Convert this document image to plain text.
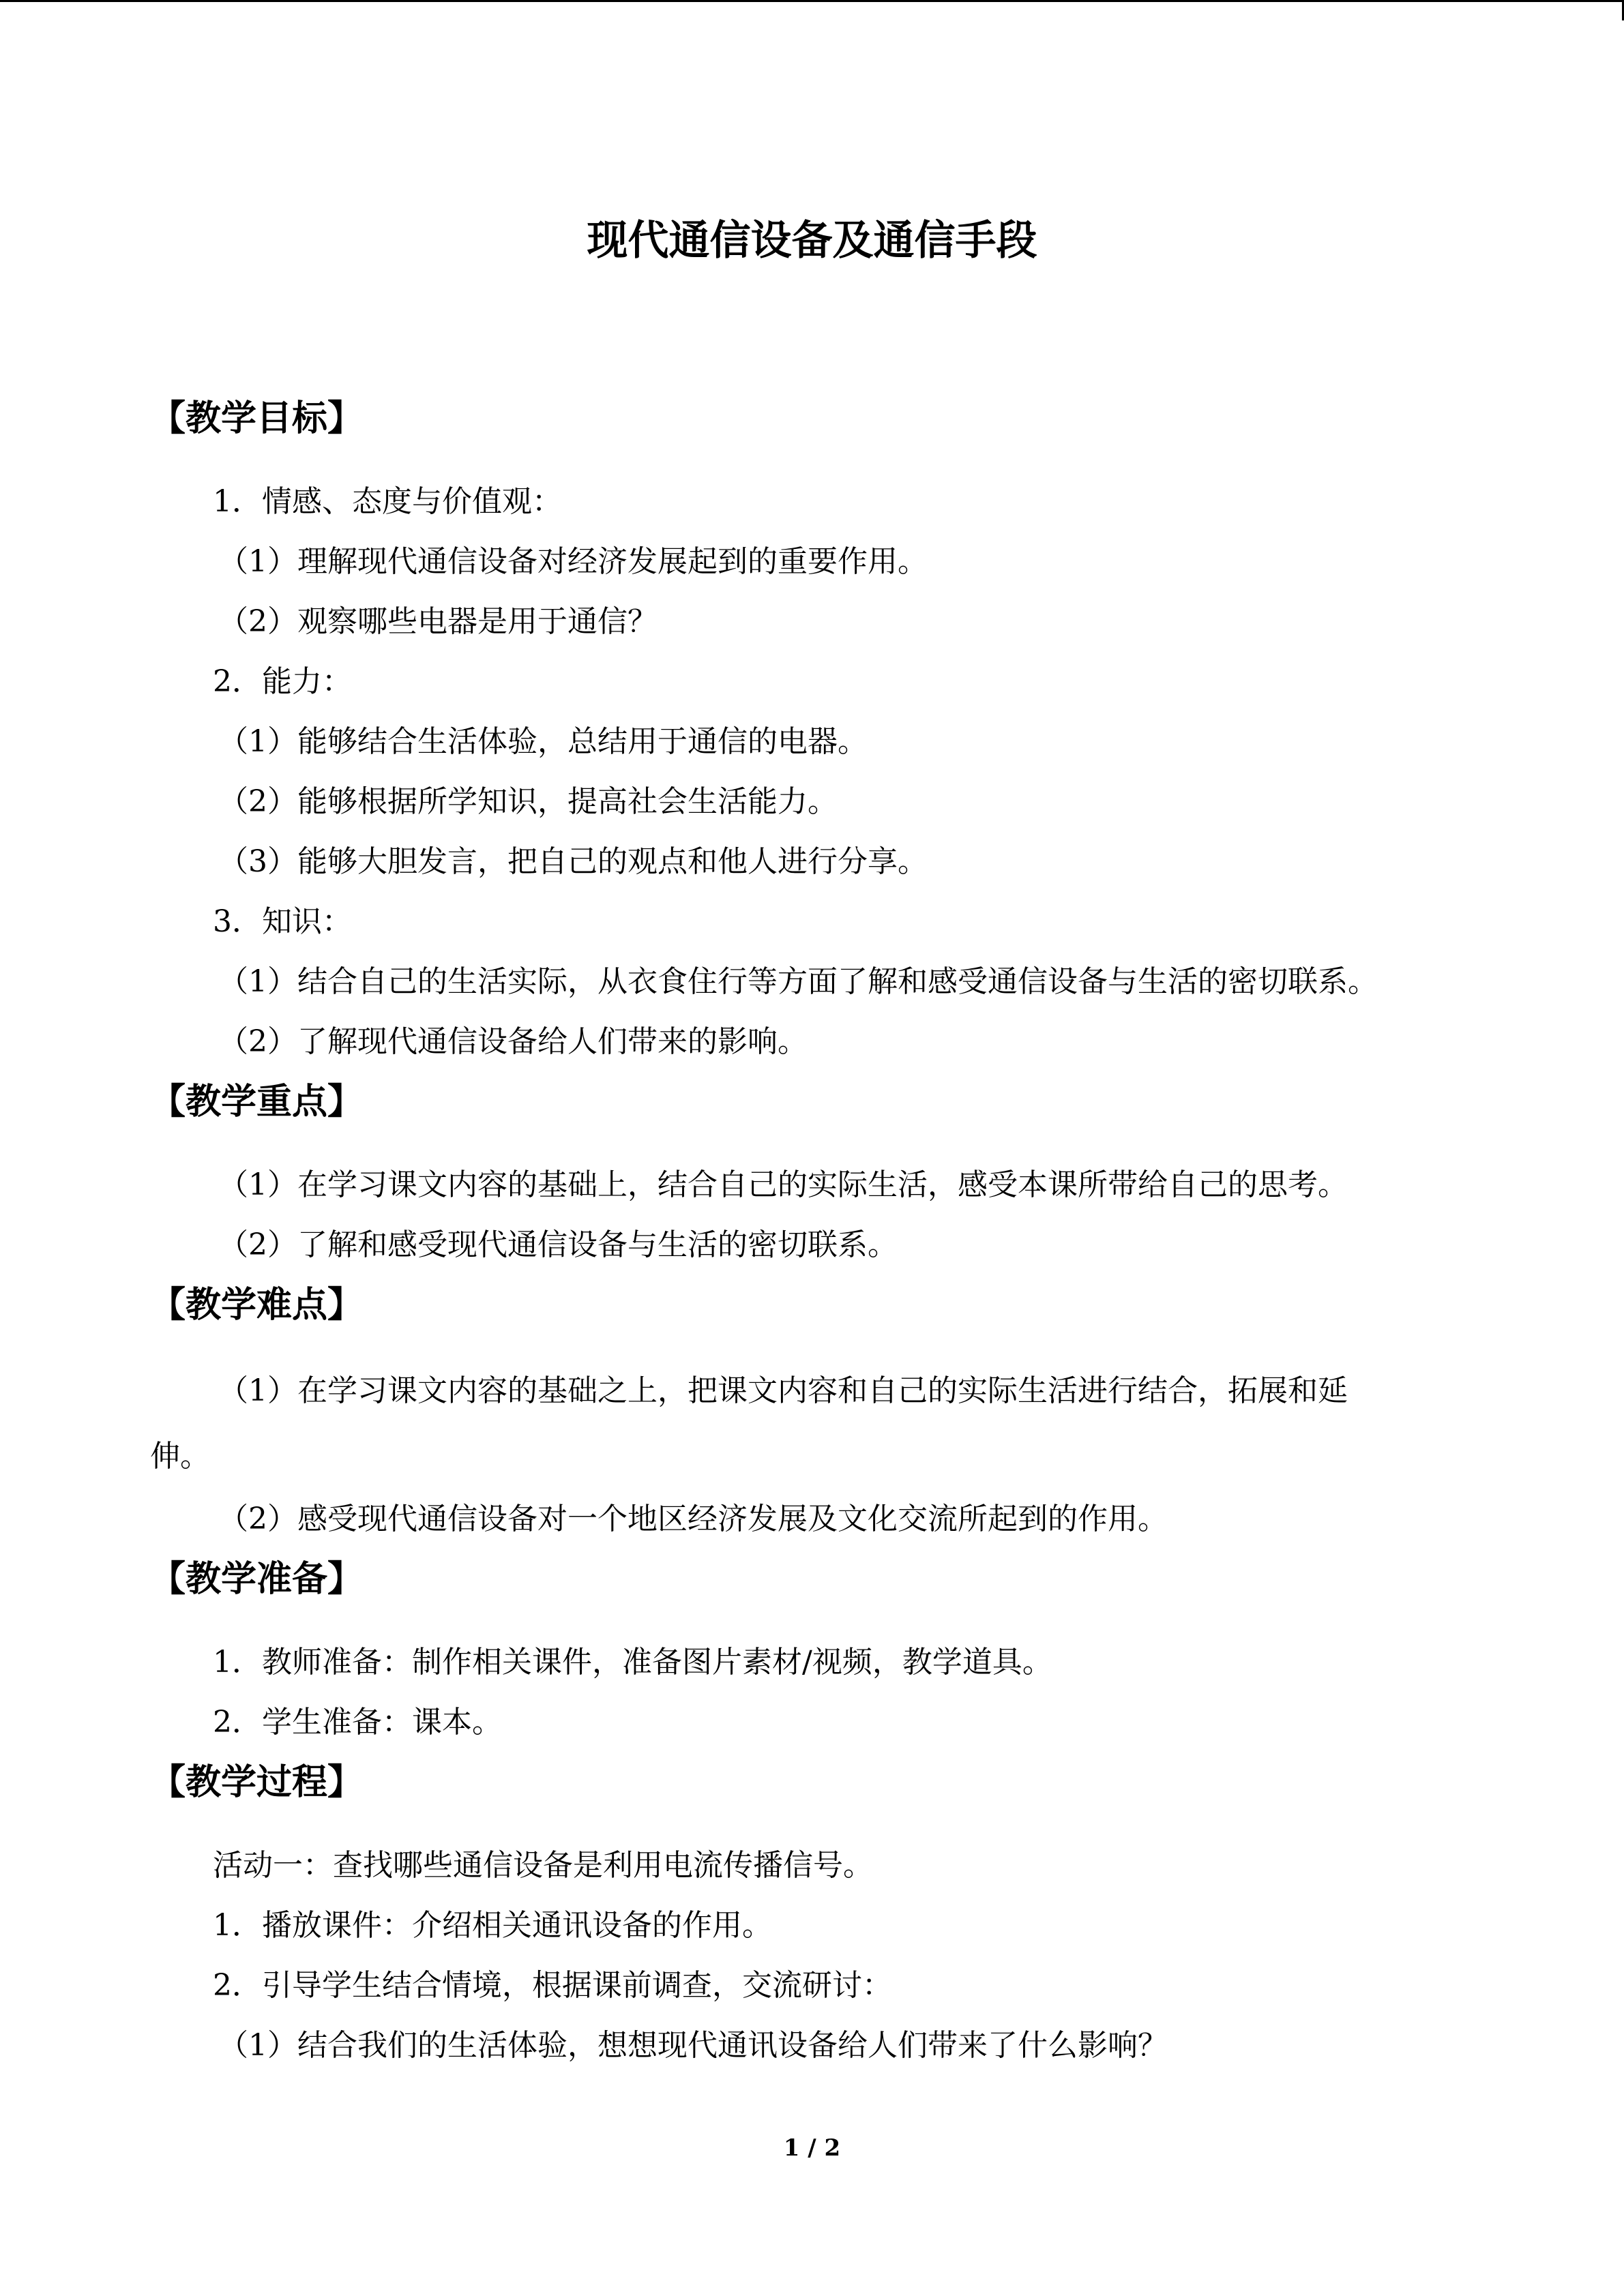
现代通信设备及通信手段
【教学目标】
1．情感、态度与价值观：
（1）理解现代通信设备对经济发展起到的重要作用。
（2）观察哪些电器是用于通信？
2．能力：
（1）能够结合生活体验，总结用于通信的电器。
（2）能够根据所学知识，提高社会生活能力。
（3）能够大胆发言，把自己的观点和他人进行分享。
3．知识：
（1）结合自己的生活实际，从衣食住行等方面了解和感受通信设备与生活的密切联系。
（2）了解现代通信设备给人们带来的影响。
【教学重点】
（1）在学习课文内容的基础上，结合自己的实际生活，感受本课所带给自己的思考。
（2）了解和感受现代通信设备与生活的密切联系。
【教学难点】
（1）在学习课文内容的基础之上，把课文内容和自己的实际生活进行结合，拓展和延
伸。
（2）感受现代通信设备对一个地区经济发展及文化交流所起到的作用。
【教学准备】
1．教师准备：制作相关课件，准备图片素材/视频，教学道具。
2．学生准备：课本。
【教学过程】
活动一：查找哪些通信设备是利用电流传播信号。
1．播放课件：介绍相关通讯设备的作用。
2．引导学生结合情境，根据课前调查，交流研讨：
（1）结合我们的生活体验，想想现代通讯设备给人们带来了什么影响？
1 / 2
